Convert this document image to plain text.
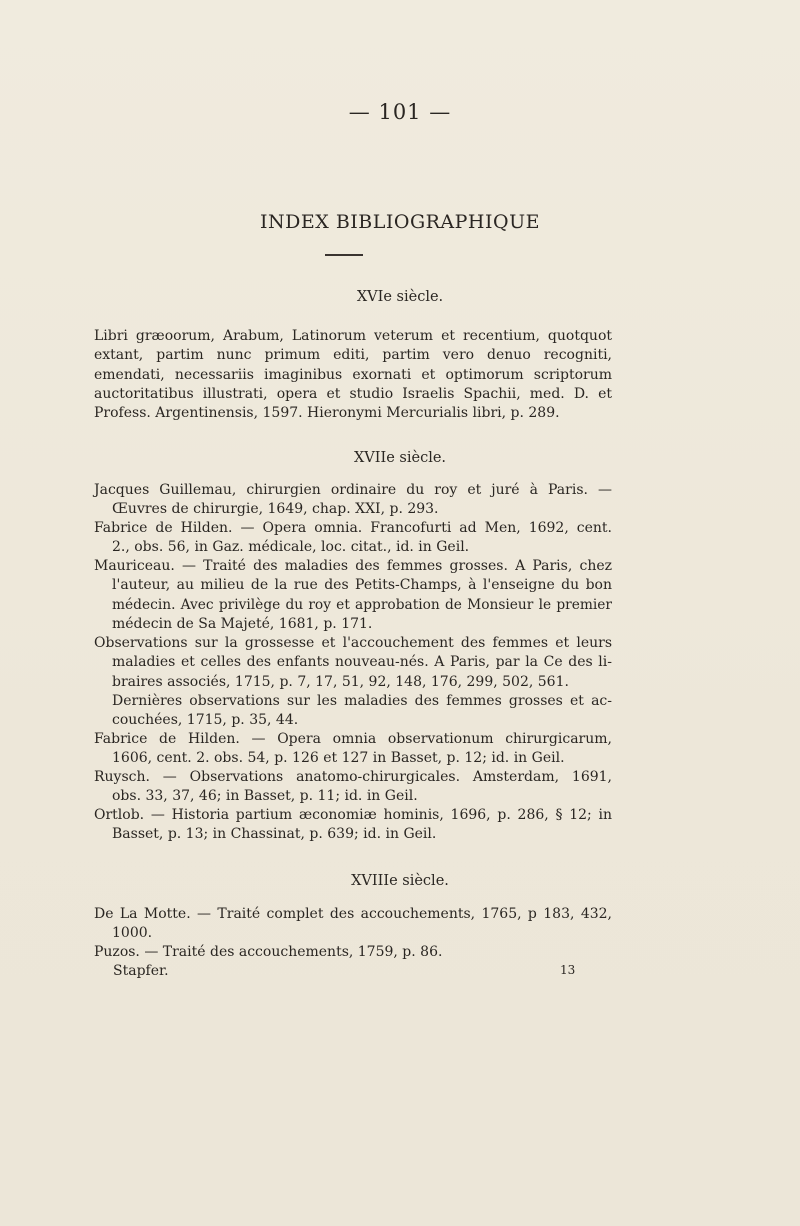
— 101 —
INDEX BIBLIOGRAPHIQUE
XVIe siècle.
Libri græoorum, Arabum, Latinorum veterum et recentium, quotquot
extant, partim nunc primum editi, partim vero denuo recogniti,
emendati, necessariis imaginibus exornati et optimorum scriptorum
auctoritatibus illustrati, opera et studio Israelis Spachii, med. D. et
Profess. Argentinensis, 1597. Hieronymi Mercurialis libri, p. 289.
XVIIe siècle.
Jacques Guillemau, chirurgien ordinaire du roy et juré à Paris. —
Œuvres de chirurgie, 1649, chap. XXI, p. 293.
Fabrice de Hilden. — Opera omnia. Francofurti ad Men, 1692, cent.
2., obs. 56, in Gaz. médicale, loc. citat., id. in Geil.
Mauriceau. — Traité des maladies des femmes grosses. A Paris, chez
l'auteur, au milieu de la rue des Petits-Champs, à l'enseigne du bon
médecin. Avec privilège du roy et approbation de Monsieur le premier
médecin de Sa Majeté, 1681, p. 171.
Observations sur la grossesse et l'accouchement des femmes et leurs
maladies et celles des enfants nouveau-nés. A Paris, par la Ce des li-
braires associés, 1715, p. 7, 17, 51, 92, 148, 176, 299, 502, 561.
Dernières observations sur les maladies des femmes grosses et ac-
couchées, 1715, p. 35, 44.
Fabrice de Hilden. — Opera omnia observationum chirurgicarum,
1606, cent. 2. obs. 54, p. 126 et 127 in Basset, p. 12; id. in Geil.
Ruysch. — Observations anatomo-chirurgicales. Amsterdam, 1691,
obs. 33, 37, 46; in Basset, p. 11; id. in Geil.
Ortlob. — Historia partium æconomiæ hominis, 1696, p. 286, § 12; in
Basset, p. 13; in Chassinat, p. 639; id. in Geil.
XVIIIe siècle.
De La Motte. — Traité complet des accouchements, 1765, p 183, 432,
1000.
Puzos. — Traité des accouchements, 1759, p. 86.
Stapfer.	13
